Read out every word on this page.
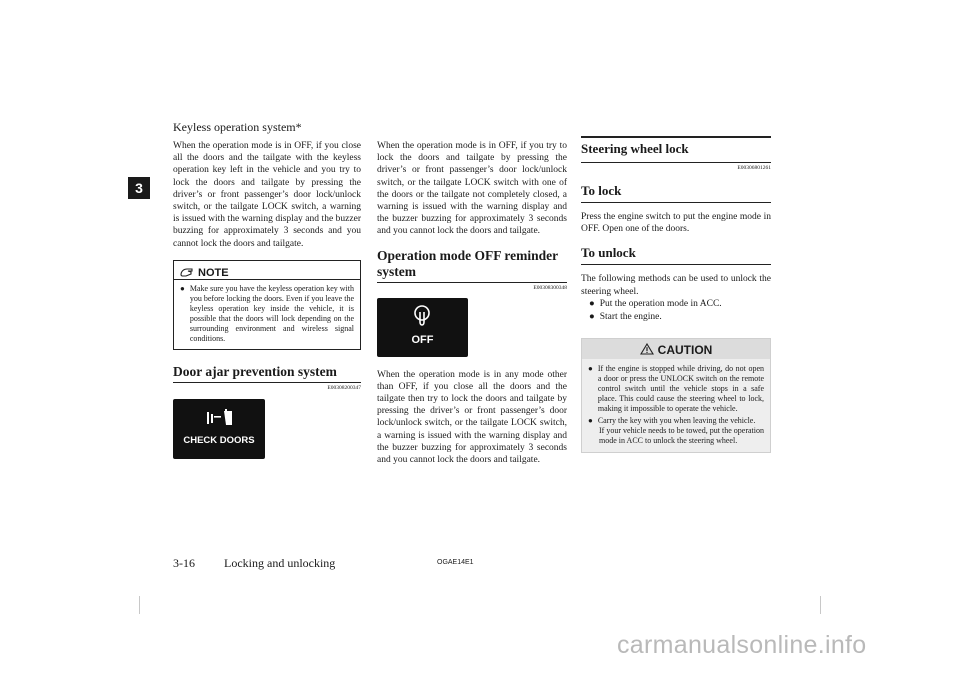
Keyless operation system*
3

When the operation mode is in OFF, if you close all the doors and the tailgate with the keyless operation key left in the vehicle and you try to lock the doors and tailgate by pressing the driver’s or front passenger’s door lock/unlock switch, or the tailgate LOCK switch, a warning is issued with the warning display and the buzzer buzzing for approximately 3 seconds and you cannot lock the doors and tailgate.

NOTE
● Make sure you have the keyless operation key with you before locking the doors. Even if you leave the keyless operation key inside the vehicle, it is possible that the doors will lock depending on the surrounding environment and wireless signal conditions.
Door ajar prevention system
E00308200347
CHECK DOORS

When the operation mode is in OFF, if you try to lock the doors and tailgate by pressing the driver’s or front passenger’s door lock/unlock switch, or the tailgate LOCK switch with one of the doors or the tailgate not completely closed, a warning is issued with the warning display and the buzzer buzzing for approximately 3 seconds and you cannot lock the doors and tailgate.

Operation mode OFF reminder system
E00308300348
OFF

When the operation mode is in any mode other than OFF, if you close all the doors and the tailgate then try to lock the doors and tailgate by pressing the driver’s or front passenger’s door lock/unlock switch, or the tailgate LOCK switch, a warning is issued with the warning display and the buzzer buzzing for approximately 3 seconds and you cannot lock the doors and tailgate.

Steering wheel lock
E00306801261
To lock

Press the engine switch to put the engine mode in OFF. Open one of the doors.

To unlock

The following methods can be used to unlock the steering wheel.

● Put the operation mode in ACC.
● Start the engine.
CAUTION
● If the engine is stopped while driving, do not open a door or press the UNLOCK switch on the remote control switch until the vehicle stops in a safe place. This could cause the steering wheel to lock, making it impossible to operate the vehicle.
● Carry the key with you when leaving the vehicle.
If your vehicle needs to be towed, put the operation mode in ACC to unlock the steering wheel.
3-16 Locking and unlocking	OGAE14E1
carmanualsonline.info
